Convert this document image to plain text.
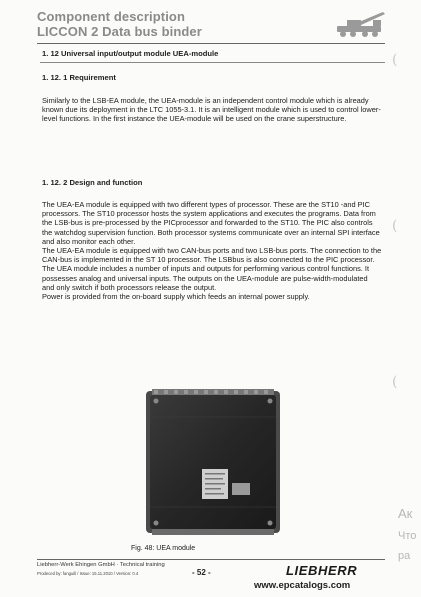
Component description
LICCON 2 Data bus binder
1. 12 Universal input/output module UEA-module
1. 12. 1 Requirement

Similarly to the LSB-EA module, the UEA-module is an independent control module which is already known due its deployment in the LTC 1055-3.1. It is an intelligent module which is used to control lower-level functions. In the first instance the UEA-module will be used on the crane superstructure.

1. 12. 2 Design and function

The UEA-EA module is equipped with two different types of processor. These are the ST10 -and PIC processors. The ST10 processor hosts the system applications and executes the programs. Data from the LSB-bus is pre-processed by the PICprocessor and forwarded to the ST10. The PIC also controls the watchdog supervision function. Both processor systems communicate over an internal SPI interface and also monitor each other.

The UEA-EA module is equipped with two CAN-bus ports and two LSB-bus ports. The connection to the CAN-bus is implemented in the ST 10 processor. The LSBbus is also connected to the PIC processor.

The UEA module includes a number of inputs and outputs for performing various control functions. It possesses analog and universal inputs. The outputs on the UEA-module are pulse-width-modulated and only switch if both processors release the output.

Power is provided from the on-board supply which feeds an internal power supply.

Fig. 48: UEA module
Liebherr-Werk Ehingen GmbH · Technical training
Prodeced by: fanguill / Issue: 15.11.2010 / Version: 0.4	- 52 -	LIEBHERR
www.epcatalogs.com
Ак
Что
ра
(
(
(
